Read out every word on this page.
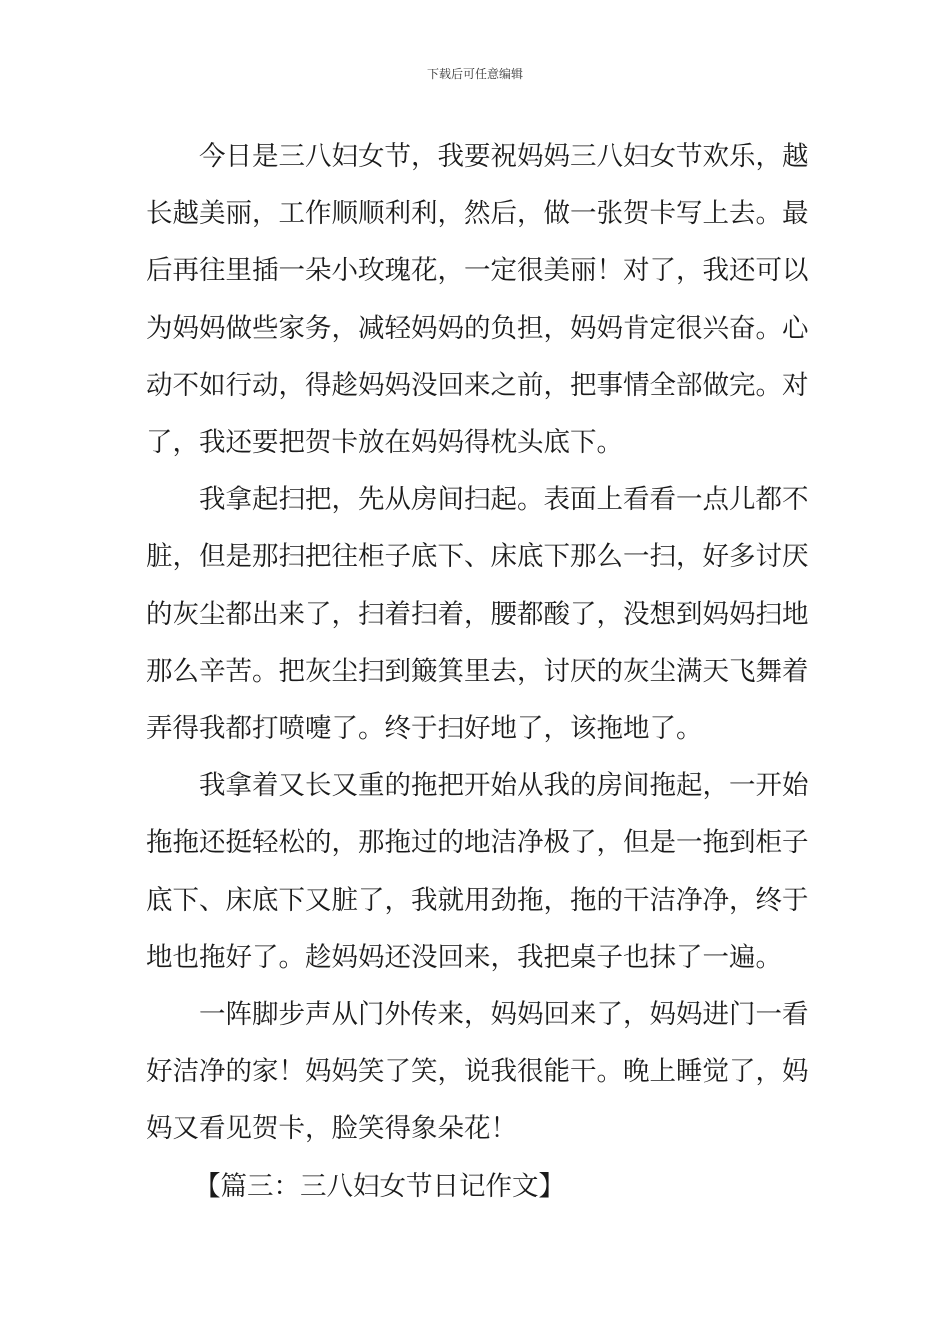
下载后可任意编辑
今日是三八妇女节，我要祝妈妈三八妇女节欢乐，越
长越美丽，工作顺顺利利，然后，做一张贺卡写上去。最
后再往里插一朵小玫瑰花，一定很美丽！对了，我还可以
为妈妈做些家务，减轻妈妈的负担，妈妈肯定很兴奋。心
动不如行动，得趁妈妈没回来之前，把事情全部做完。对
了，我还要把贺卡放在妈妈得枕头底下。
我拿起扫把，先从房间扫起。表面上看看一点儿都不
脏，但是那扫把往柜子底下、床底下那么一扫，好多讨厌
的灰尘都出来了，扫着扫着，腰都酸了，没想到妈妈扫地
那么辛苦。把灰尘扫到簸箕里去，讨厌的灰尘满天飞舞着
弄得我都打喷嚏了。终于扫好地了，该拖地了。
我拿着又长又重的拖把开始从我的房间拖起，一开始
拖拖还挺轻松的，那拖过的地洁净极了，但是一拖到柜子
底下、床底下又脏了，我就用劲拖，拖的干洁净净，终于
地也拖好了。趁妈妈还没回来，我把桌子也抹了一遍。
一阵脚步声从门外传来，妈妈回来了，妈妈进门一看
好洁净的家！妈妈笑了笑，说我很能干。晚上睡觉了，妈
妈又看见贺卡，脸笑得象朵花！
【篇三：三八妇女节日记作文】
